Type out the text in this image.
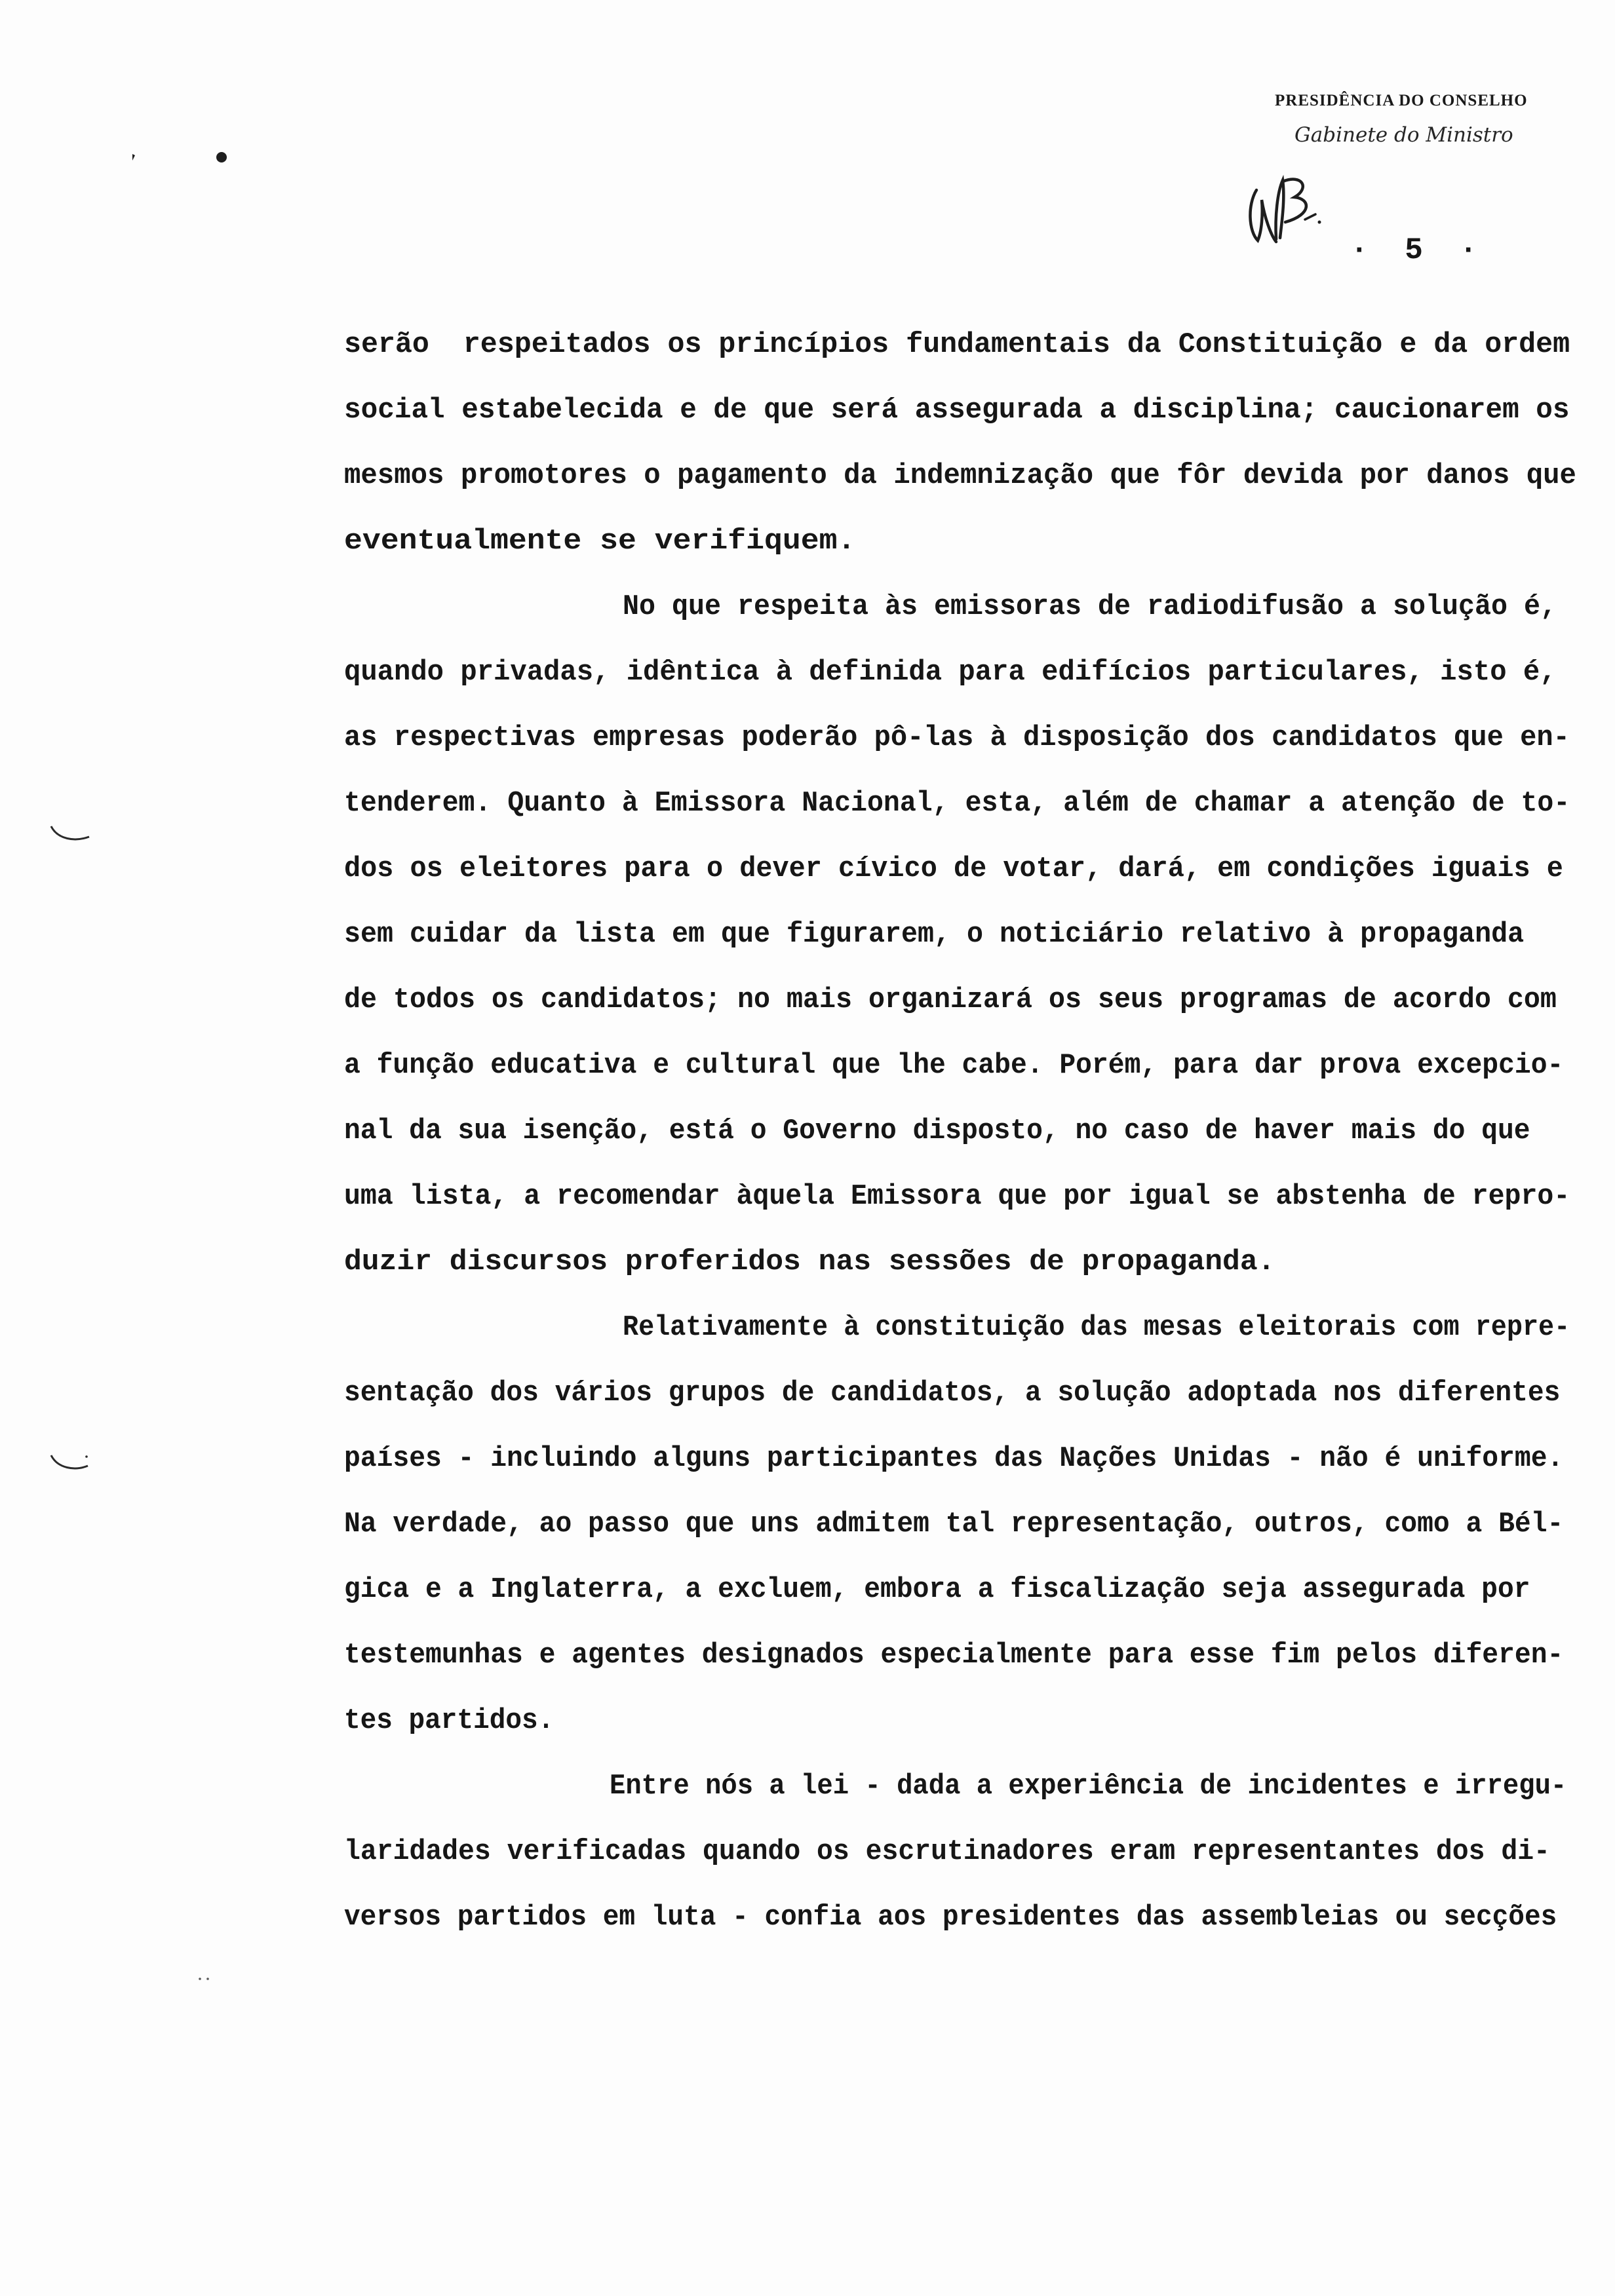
PRESIDÊNCIA DO CONSELHO
Gabinete do Ministro
· 5 ·
serão  respeitados os princípios fundamentais da Constituição e da ordem
social estabelecida e de que será assegurada a disciplina; caucionarem os
mesmos promotores o pagamento da indemnização que fôr devida por danos que
eventualmente se verifiquem.
No que respeita às emissoras de radiodifusão a solução é,
quando privadas, idêntica à definida para edifícios particulares, isto é,
as respectivas empresas poderão pô-las à disposição dos candidatos que en-
tenderem. Quanto à Emissora Nacional, esta, além de chamar a atenção de to-
dos os eleitores para o dever cívico de votar, dará, em condições iguais e
sem cuidar da lista em que figurarem, o noticiário relativo à propaganda
de todos os candidatos; no mais organizará os seus programas de acordo com
a função educativa e cultural que lhe cabe. Porém, para dar prova excepcio-
nal da sua isenção, está o Governo disposto, no caso de haver mais do que
uma lista, a recomendar àquela Emissora que por igual se abstenha de repro-
duzir discursos proferidos nas sessões de propaganda.
Relativamente à constituição das mesas eleitorais com repre-
sentação dos vários grupos de candidatos, a solução adoptada nos diferentes
países - incluindo alguns participantes das Nações Unidas - não é uniforme.
Na verdade, ao passo que uns admitem tal representação, outros, como a Bél-
gica e a Inglaterra, a excluem, embora a fiscalização seja assegurada por
testemunhas e agentes designados especialmente para esse fim pelos diferen-
tes partidos.
Entre nós a lei - dada a experiência de incidentes e irregu-
laridades verificadas quando os escrutinadores eram representantes dos di-
versos partidos em luta - confia aos presidentes das assembleias ou secções
